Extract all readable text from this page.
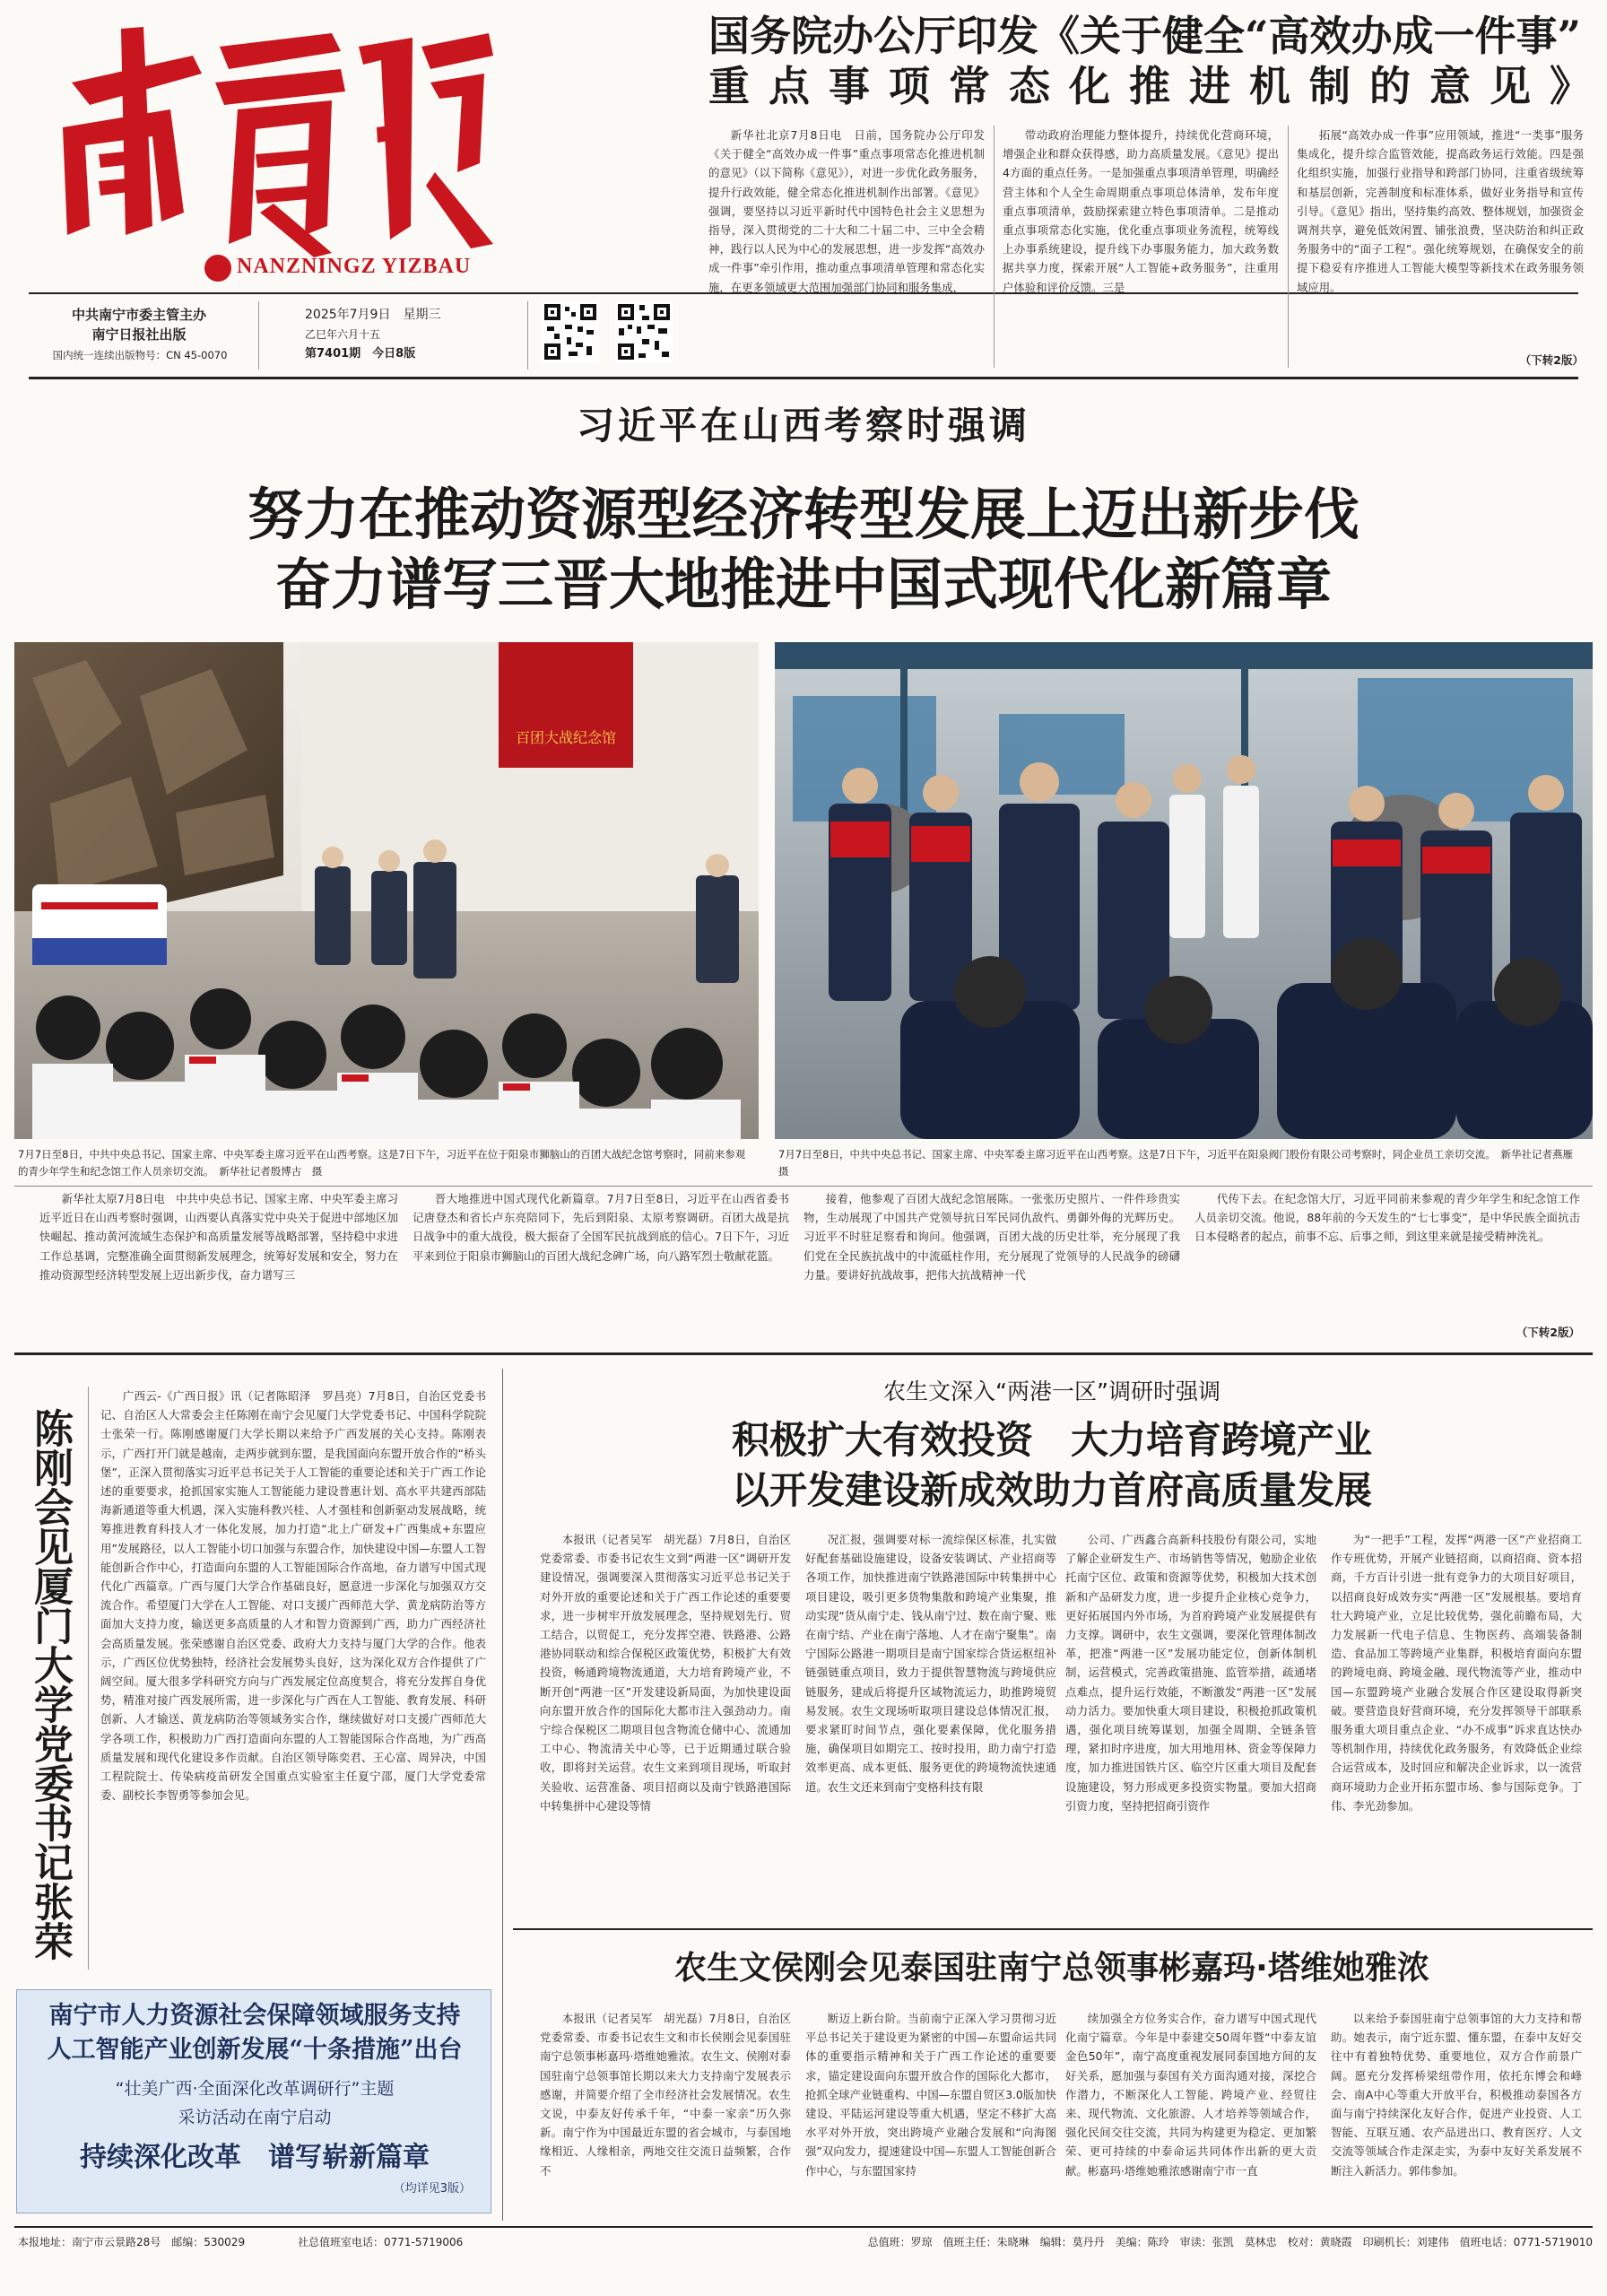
NANZNINGZ YIZBAU
中共南宁市委主管主办
南宁日报社出版
国内统一连续出版物号：CN 45-0070
2025年7月9日　星期三
乙巳年六月十五
第7401期　今日8版
国务院办公厅印发《关于健全“高效办成一件事”
重点事项常态化推进机制的意见》

新华社北京7月8日电　日前，国务院办公厅印发《关于健全“高效办成一件事”重点事项常态化推进机制的意见》（以下简称《意见》），对进一步优化政务服务，提升行政效能，健全常态化推进机制作出部署。《意见》强调，要坚持以习近平新时代中国特色社会主义思想为指导，深入贯彻党的二十大和二十届二中、三中全会精神，践行以人民为中心的发展思想，进一步发挥“高效办成一件事”牵引作用，推动重点事项清单管理和常态化实施，在更多领域更大范围加强部门协同和服务集成，

带动政府治理能力整体提升，持续优化营商环境，增强企业和群众获得感，助力高质量发展。《意见》提出4方面的重点任务。一是加强重点事项清单管理，明确经营主体和个人全生命周期重点事项总体清单，发布年度重点事项清单，鼓励探索建立特色事项清单。二是推动重点事项常态化实施，优化重点事项业务流程，统筹线上办事系统建设，提升线下办事服务能力，加大政务数据共享力度，探索开展“人工智能+政务服务”，注重用户体验和评价反馈。三是

拓展“高效办成一件事”应用领域，推进“一类事”服务集成化，提升综合监管效能，提高政务运行效能。四是强化组织实施，加强行业指导和跨部门协同，注重省级统筹和基层创新，完善制度和标准体系，做好业务指导和宣传引导。《意见》指出，坚持集约高效、整体规划，加强资金调剂共享，避免低效闲置、铺张浪费，坚决防治和纠正政务服务中的“面子工程”。强化统筹规划，在确保安全的前提下稳妥有序推进人工智能大模型等新技术在政务服务领域应用。

（下转2版）
习近平在山西考察时强调
努力在推动资源型经济转型发展上迈出新步伐
奋力谱写三晋大地推进中国式现代化新篇章
百团大战纪念馆
7月7日至8日，中共中央总书记、国家主席、中央军委主席习近平在山西考察。这是7日下午，习近平在位于阳泉市狮脑山的百团大战纪念馆考察时，同前来参观的青少年学生和纪念馆工作人员亲切交流。　新华社记者殷博古　摄
7月7日至8日，中共中央总书记、国家主席、中央军委主席习近平在山西考察。这是7日下午，习近平在阳泉阀门股份有限公司考察时，同企业员工亲切交流。　新华社记者燕雁　摄

新华社太原7月8日电　中共中央总书记、国家主席、中央军委主席习近平近日在山西考察时强调，山西要认真落实党中央关于促进中部地区加快崛起、推动黄河流域生态保护和高质量发展等战略部署，坚持稳中求进工作总基调，完整准确全面贯彻新发展理念，统筹好发展和安全，努力在推动资源型经济转型发展上迈出新步伐，奋力谱写三

晋大地推进中国式现代化新篇章。7月7日至8日，习近平在山西省委书记唐登杰和省长卢东亮陪同下，先后到阳泉、太原考察调研。百团大战是抗日战争中的重大战役，极大振奋了全国军民抗战到底的信心。7日下午，习近平来到位于阳泉市狮脑山的百团大战纪念碑广场，向八路军烈士敬献花篮。

接着，他参观了百团大战纪念馆展陈。一张张历史照片、一件件珍贵实物，生动展现了中国共产党领导抗日军民同仇敌忾、勇御外侮的光辉历史。习近平不时驻足察看和询问。他强调，百团大战的历史壮举，充分展现了我们党在全民族抗战中的中流砥柱作用，充分展现了党领导的人民战争的磅礴力量。要讲好抗战故事，把伟大抗战精神一代

代传下去。在纪念馆大厅，习近平同前来参观的青少年学生和纪念馆工作人员亲切交流。他说，88年前的今天发生的“七七事变”，是中华民族全面抗击日本侵略者的起点，前事不忘、后事之师，到这里来就是接受精神洗礼。

（下转2版）
陈刚会见厦门大学党委书记张荣

广西云-《广西日报》讯（记者陈昭泽　罗昌亮）7月8日，自治区党委书记、自治区人大常委会主任陈刚在南宁会见厦门大学党委书记、中国科学院院士张荣一行。陈刚感谢厦门大学长期以来给予广西发展的关心支持。陈刚表示，广西打开门就是越南，走两步就到东盟，是我国面向东盟开放合作的“桥头堡”，正深入贯彻落实习近平总书记关于人工智能的重要论述和关于广西工作论述的重要要求，抢抓国家实施人工智能能力建设普惠计划、高水平共建西部陆海新通道等重大机遇，深入实施科教兴桂、人才强桂和创新驱动发展战略，统筹推进教育科技人才一体化发展，加力打造“北上广研发+广西集成+东盟应用”发展路径，以人工智能小切口加强与东盟合作，加快建设中国—东盟人工智能创新合作中心，打造面向东盟的人工智能国际合作高地，奋力谱写中国式现代化广西篇章。广西与厦门大学合作基础良好，愿意进一步深化与加强双方交流合作。希望厦门大学在人工智能、对口支援广西师范大学、黄龙病防治等方面加大支持力度，输送更多高质量的人才和智力资源到广西，助力广西经济社会高质量发展。张荣感谢自治区党委、政府大力支持与厦门大学的合作。他表示，广西区位优势独特，经济社会发展势头良好，这为深化双方合作提供了广阔空间。厦大很多学科研究方向与广西发展定位高度契合，将充分发挥自身优势，精准对接广西发展所需，进一步深化与广西在人工智能、教育发展、科研创新、人才输送、黄龙病防治等领域务实合作，继续做好对口支援广西师范大学各项工作，积极助力广西打造面向东盟的人工智能国际合作高地，为广西高质量发展和现代化建设多作贡献。自治区领导陈奕君、王心富、周异决，中国工程院院士、传染病疫苗研发全国重点实验室主任夏宁邵，厦门大学党委常委、副校长李智勇等参加会见。

南宁市人力资源社会保障领域服务支持
人工智能产业创新发展“十条措施”出台
“壮美广西·全面深化改革调研行”主题
采访活动在南宁启动
持续深化改革　谱写崭新篇章
（均详见3版）
农生文深入“两港一区”调研时强调
积极扩大有效投资　大力培育跨境产业
以开发建设新成效助力首府高质量发展

本报讯（记者吴军　胡光磊）7月8日，自治区党委常委、市委书记农生文到“两港一区”调研开发建设情况，强调要深入贯彻落实习近平总书记关于对外开放的重要论述和关于广西工作论述的重要要求，进一步树牢开放发展理念，坚持规划先行、贸工结合，以贸促工，充分发挥空港、铁路港、公路港协同联动和综合保税区政策优势，积极扩大有效投资，畅通跨境物流通道，大力培育跨境产业，不断开创“两港一区”开发建设新局面，为加快建设面向东盟开放合作的国际化大都市注入强劲动力。南宁综合保税区二期项目包含物流仓储中心、流通加工中心、物流清关中心等，已于近期通过联合验收，即将封关运营。农生文来到项目现场，听取封关验收、运营准备、项目招商以及南宁铁路港国际中转集拼中心建设等情

况汇报，强调要对标一流综保区标准，扎实做好配套基础设施建设，设备安装调试、产业招商等各项工作，加快推进南宁铁路港国际中转集拼中心项目建设，吸引更多货物集散和跨境产业集聚，推动实现“货从南宁走、钱从南宁过、数在南宁聚、账在南宁结、产业在南宁落地、人才在南宁聚集”。南宁国际公路港一期项目是南宁国家综合货运枢纽补链强链重点项目，致力于提供智慧物流与跨境供应链服务，建成后将提升区域物流运力，助推跨境贸易发展。农生文现场听取项目建设总体情况汇报，要求紧盯时间节点，强化要素保障，优化服务措施，确保项目如期完工、按时投用，助力南宁打造效率更高、成本更低、服务更优的跨境物流快速通道。农生文还来到南宁变格科技有限

公司、广西鑫合高新科技股份有限公司，实地了解企业研发生产、市场销售等情况，勉励企业依托南宁区位、政策和资源等优势，积极加大技术创新和产品研发力度，进一步提升企业核心竞争力，更好拓展国内外市场，为首府跨境产业发展提供有力支撑。调研中，农生文强调，要深化管理体制改革，把准“两港一区”发展功能定位，创新体制机制，运营模式，完善政策措施、监管举措，疏通堵点难点，提升运行效能，不断激发“两港一区”发展动力活力。要加快重大项目建设，积极抢抓政策机遇，强化项目统筹谋划，加强全周期、全链条管理，紧扣时序进度，加大用地用林、资金等保障力度，加力推进国铁片区、临空片区重大项目及配套设施建设，努力形成更多投资实物量。要加大招商引资力度，坚持把招商引资作

为“一把手”工程，发挥“两港一区”产业招商工作专班优势，开展产业链招商，以商招商、资本招商，千方百计引进一批有竞争力的大项目好项目，以招商良好成效夯实“两港一区”发展根基。要培育壮大跨境产业，立足比较优势，强化前瞻布局，大力发展新一代电子信息、生物医药、高端装备制造、食品加工等跨境产业集群，积极培育面向东盟的跨境电商、跨境金融、现代物流等产业，推动中国—东盟跨境产业融合发展合作区建设取得新突破。要营造良好营商环境，充分发挥领导干部联系服务重大项目重点企业、“办不成事”诉求直达快办等机制作用，持续优化政务服务，有效降低企业综合运营成本，及时回应和解决企业诉求，以一流营商环境助力企业开拓东盟市场、参与国际竞争。丁伟、李光劲参加。

农生文侯刚会见泰国驻南宁总领事彬嘉玛·塔维她雅浓

本报讯（记者吴军　胡光磊）7月8日，自治区党委常委、市委书记农生文和市长侯刚会见泰国驻南宁总领事彬嘉玛·塔维她雅浓。农生文、侯刚对泰国驻南宁总领事馆长期以来大力支持南宁发展表示感谢，并简要介绍了全市经济社会发展情况。农生文说，中泰友好传承千年，“中泰一家亲”历久弥新。南宁作为中国最近东盟的省会城市，与泰国地缘相近、人缘相亲，两地交往交流日益频繁，合作不

断迈上新台阶。当前南宁正深入学习贯彻习近平总书记关于建设更为紧密的中国—东盟命运共同体的重要指示精神和关于广西工作论述的重要要求，锚定建设面向东盟开放合作的国际化大都市，抢抓全球产业链重构、中国—东盟自贸区3.0版加快建设、平陆运河建设等重大机遇，坚定不移扩大高水平对外开放，突出跨境产业融合发展和“向海图强”双向发力，提速建设中国—东盟人工智能创新合作中心，与东盟国家持

续加强全方位务实合作，奋力谱写中国式现代化南宁篇章。今年是中泰建交50周年暨“中泰友谊金色50年”，南宁高度重视发展同泰国地方间的友好关系，愿加强与泰国有关方面沟通对接，深挖合作潜力，不断深化人工智能、跨境产业、经贸往来、现代物流、文化旅游、人才培养等领域合作，强化民间交往交流，共同为构建更为稳定、更加繁荣、更可持续的中泰命运共同体作出新的更大贡献。彬嘉玛·塔维她雅浓感谢南宁市一直

以来给予泰国驻南宁总领事馆的大力支持和帮助。她表示，南宁近东盟、懂东盟，在泰中友好交往中有着独特优势、重要地位，双方合作前景广阔。愿充分发挥桥梁纽带作用，依托东博会和峰会、南A中心等重大开放平台，积极推动泰国各方面与南宁持续深化友好合作，促进产业投资、人工智能、互联互通、农产品进出口、教育医疗、人文交流等领域合作走深走实，为泰中友好关系发展不断注入新活力。郭伟参加。

本报地址：南宁市云景路28号　邮编：530029	社总值班室电话：0771-5719006	总值班：罗琼　值班主任：朱晓琳　编辑：莫丹丹　美编：陈玲　审读：张凯　莫林忠　校对：黄晓霞　印刷机长：刘建伟　值班电话：0771-5719010
